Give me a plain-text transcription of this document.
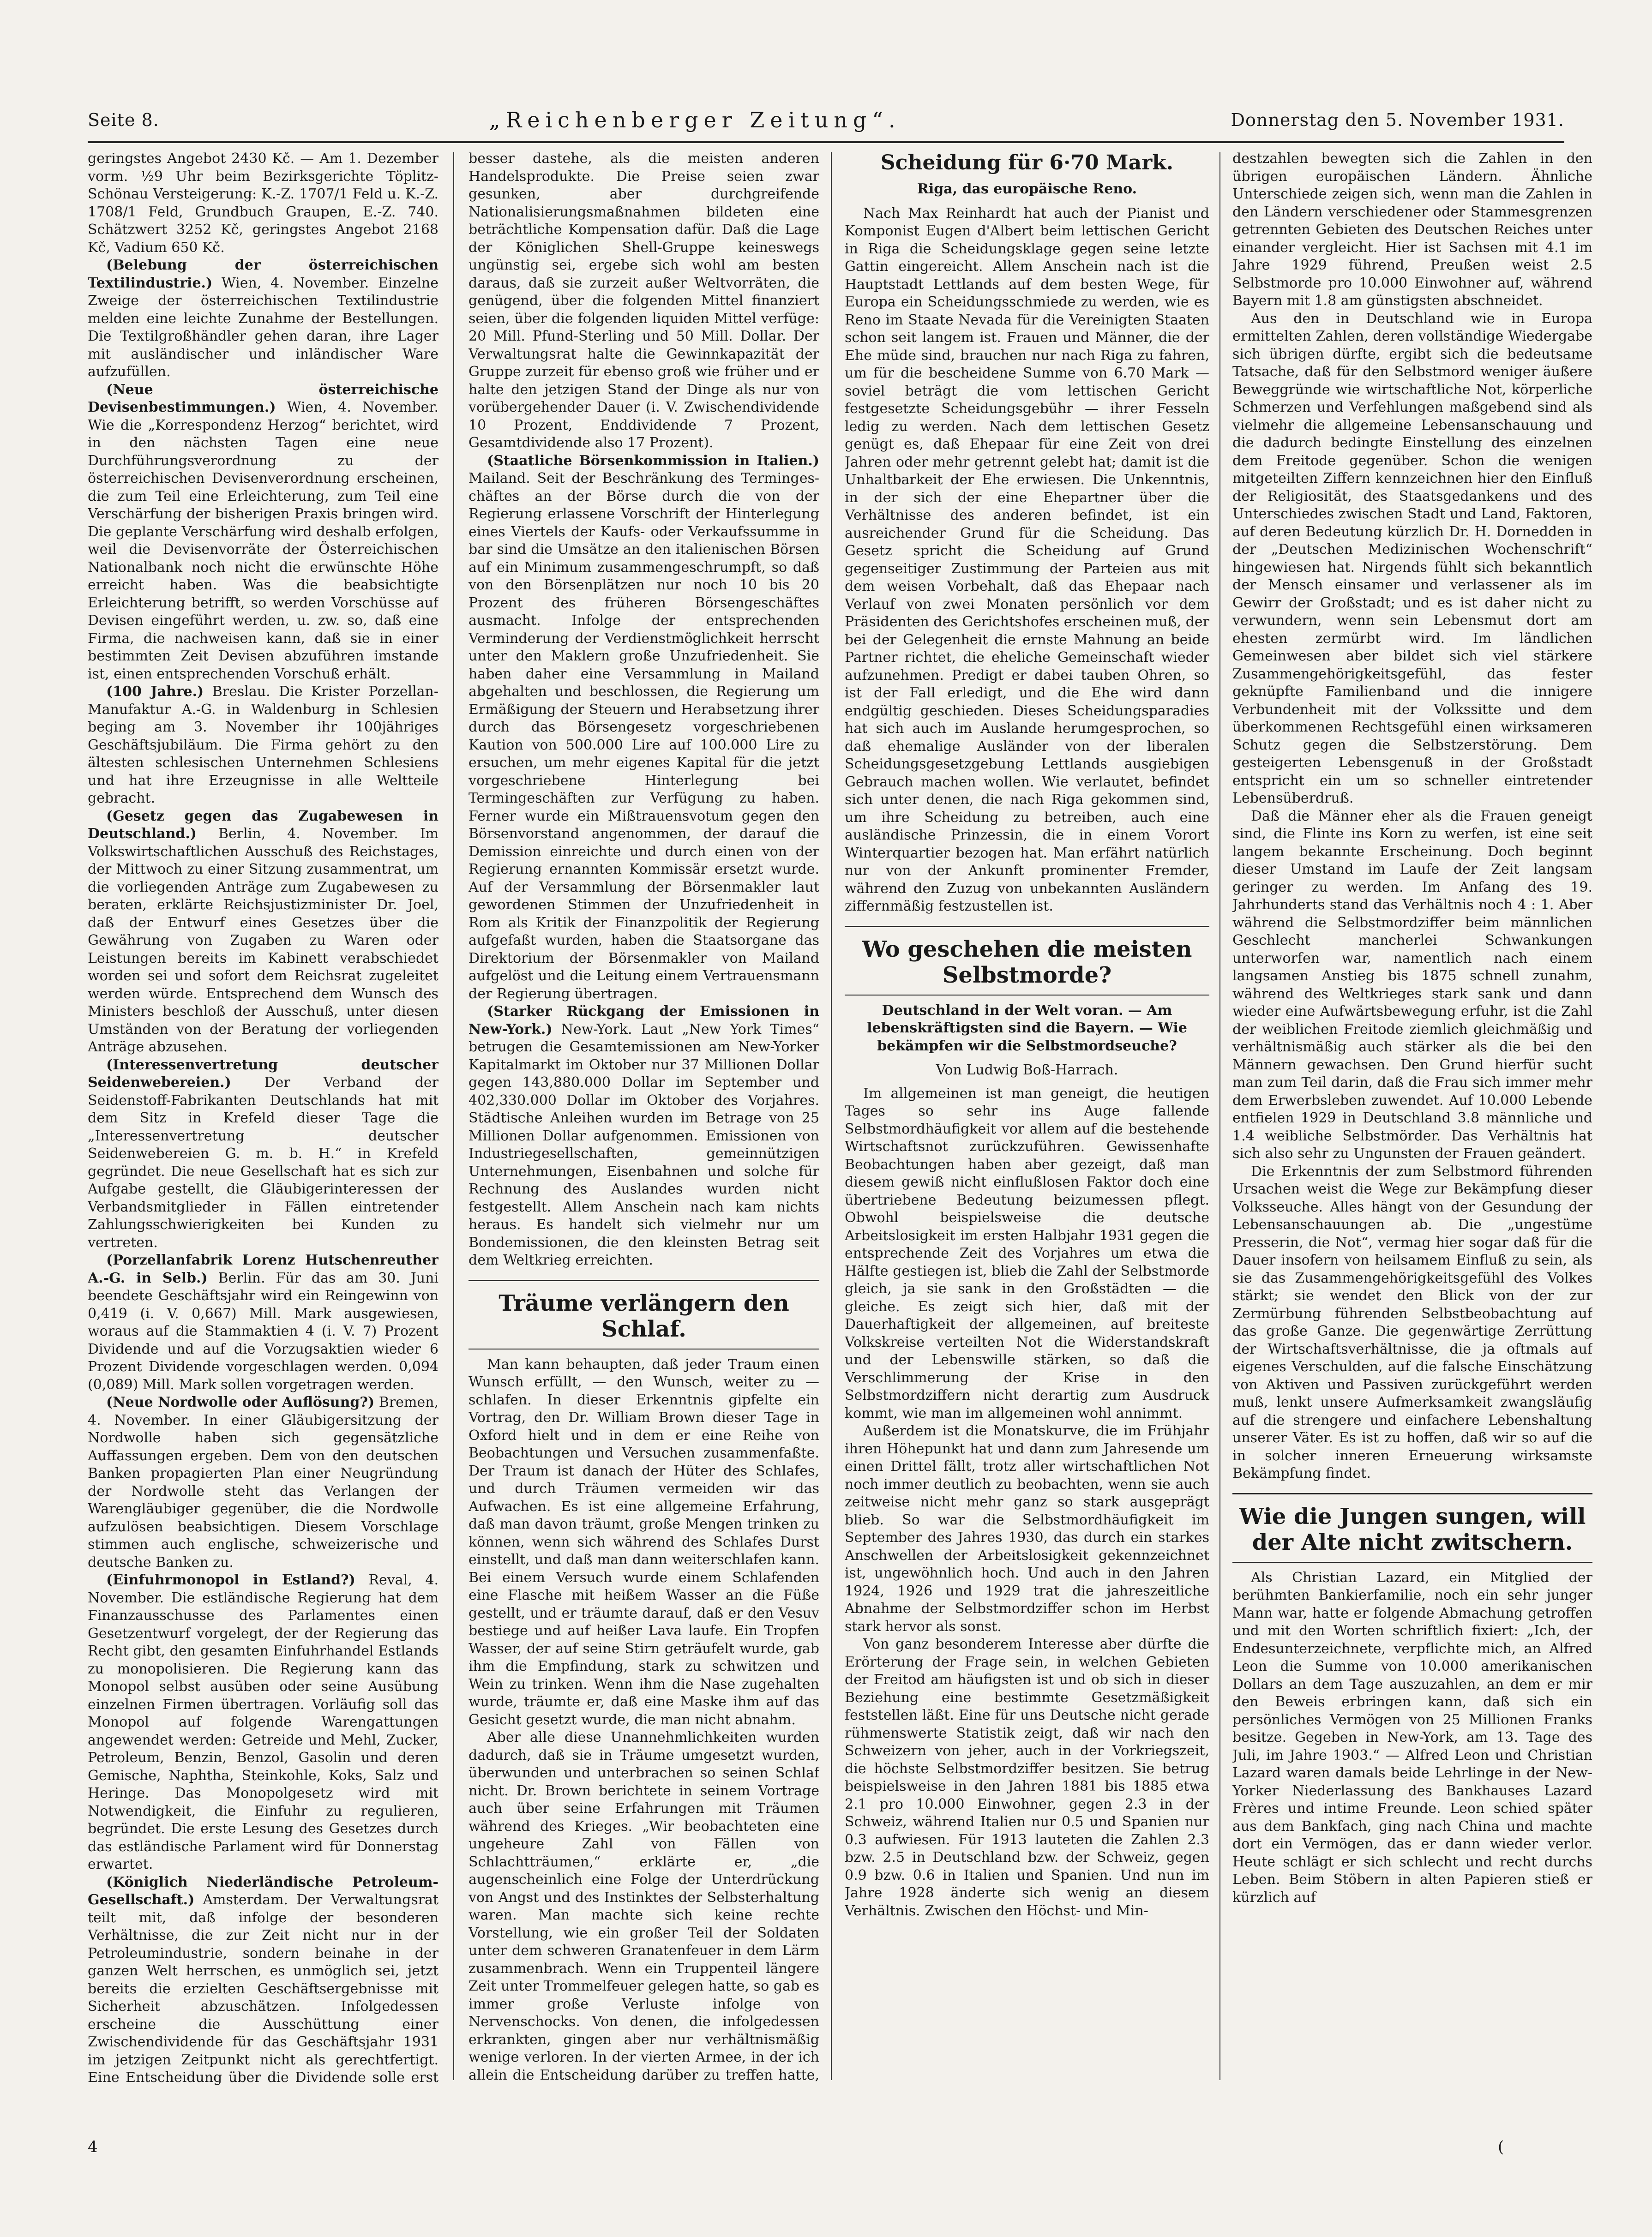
Seite 8.	„Reichenberger Zeitung“.	Donnerstag den 5. November 1931.

geringstes Angebot 2430 Kč. — Am 1. Dezember vorm. ½9 Uhr beim Bezirksgerichte Töplitz-Schönau Versteigerung: K.-Z. 1707/1 Feld u. K.-Z. 1708/1 Feld, Grundbuch Graupen, E.-Z. 740. Schätzwert 3252 Kč, geringstes Angebot 2168 Kč, Vadium 650 Kč.

(Belebung der österreichischen Textilindustrie.) Wien, 4. November. Einzelne Zweige der österreichischen Textilindustrie melden eine leichte Zunahme der Bestellungen. Die Textilgroßhändler gehen daran, ihre Lager mit ausländischer und inländischer Ware aufzufüllen.

(Neue österreichische Devisenbestimmungen.) Wien, 4. November. Wie die „Korrespondenz Herzog“ berichtet, wird in den nächsten Tagen eine neue Durchführungsverordnung zu der österreichischen Devisenverordnung erscheinen, die zum Teil eine Erleichterung, zum Teil eine Verschärfung der bisherigen Praxis bringen wird. Die geplante Verschärfung wird deshalb erfolgen, weil die Devisenvorräte der Österreichischen Nationalbank noch nicht die erwünschte Höhe erreicht haben. Was die beabsichtigte Erleichterung betrifft, so werden Vorschüsse auf Devisen eingeführt werden, u. zw. so, daß eine Firma, die nachweisen kann, daß sie in einer bestimmten Zeit Devisen abzuführen imstande ist, einen entsprechenden Vorschuß erhält.

(100 Jahre.) Breslau. Die Krister Porzellan-Manufaktur A.-G. in Waldenburg in Schlesien beging am 3. November ihr 100jähriges Geschäftsjubiläum. Die Firma gehört zu den ältesten schlesischen Unternehmen Schlesiens und hat ihre Erzeugnisse in alle Weltteile gebracht.

(Gesetz gegen das Zugabewesen in Deutschland.) Berlin, 4. November. Im Volkswirtschaftlichen Ausschuß des Reichstages, der Mittwoch zu einer Sitzung zusammentrat, um die vorliegenden Anträge zum Zugabewesen zu beraten, erklärte Reichsjustizminister Dr. Joel, daß der Entwurf eines Gesetzes über die Gewährung von Zugaben zu Waren oder Leistungen bereits im Kabinett verabschiedet worden sei und sofort dem Reichsrat zugeleitet werden würde. Entsprechend dem Wunsch des Ministers beschloß der Ausschuß, unter diesen Umständen von der Beratung der vorliegenden Anträge abzusehen.

(Interessenvertretung deutscher Seidenwebereien.) Der Verband der Seidenstoff-Fabrikanten Deutschlands hat mit dem Sitz in Krefeld dieser Tage die „Interessenvertretung deutscher Seidenwebereien G. m. b. H.“ in Krefeld gegründet. Die neue Gesellschaft hat es sich zur Aufgabe gestellt, die Gläubigerinteressen der Verbandsmitglieder in Fällen eintretender Zahlungsschwierigkeiten bei Kunden zu vertreten.

(Porzellanfabrik Lorenz Hutschenreuther A.-G. in Selb.) Berlin. Für das am 30. Juni beendete Geschäftsjahr wird ein Reingewinn von 0,419 (i. V. 0,667) Mill. Mark ausgewiesen, woraus auf die Stammaktien 4 (i. V. 7) Prozent Dividende und auf die Vorzugsaktien wieder 6 Prozent Dividende vorgeschlagen werden. 0,094 (0,089) Mill. Mark sollen vorgetragen werden.

(Neue Nordwolle oder Auflösung?) Bremen, 4. November. In einer Gläubigersitzung der Nordwolle haben sich gegensätzliche Auffassungen ergeben. Dem von den deutschen Banken propagierten Plan einer Neugründung der Nordwolle steht das Verlangen der Warengläubiger gegenüber, die die Nordwolle aufzulösen beabsichtigen. Diesem Vorschlage stimmen auch englische, schweizerische und deutsche Banken zu.

(Einfuhrmonopol in Estland?) Reval, 4. November. Die estländische Regierung hat dem Finanzausschusse des Parlamentes einen Gesetzentwurf vorgelegt, der der Regierung das Recht gibt, den gesamten Einfuhrhandel Estlands zu monopolisieren. Die Regierung kann das Monopol selbst ausüben oder seine Ausübung einzelnen Firmen übertragen. Vorläufig soll das Monopol auf folgende Warengattungen angewendet werden: Getreide und Mehl, Zucker, Petroleum, Benzin, Benzol, Gasolin und deren Gemische, Naphtha, Steinkohle, Koks, Salz und Heringe. Das Monopolgesetz wird mit Notwendigkeit, die Einfuhr zu regulieren, begründet. Die erste Lesung des Gesetzes durch das estländische Parlament wird für Donnerstag erwartet.

(Königlich Niederländische Petroleum-Gesellschaft.) Amsterdam. Der Verwaltungsrat teilt mit, daß infolge der besonderen Verhältnisse, die zur Zeit nicht nur in der Petroleumindustrie, sondern beinahe in der ganzen Welt herrschen, es unmöglich sei, jetzt bereits die erzielten Geschäftsergebnisse mit Sicherheit abzuschätzen. Infolgedessen erscheine die Ausschüttung einer Zwischendividende für das Geschäftsjahr 1931 im jetzigen Zeitpunkt nicht als gerechtfertigt. Eine Entscheidung über die Dividende solle erst

besser dastehe, als die meisten anderen Handelsprodukte. Die Preise seien zwar gesunken, aber durchgreifende Nationalisierungsmaßnahmen bildeten eine beträchtliche Kompensation dafür. Daß die Lage der Königlichen Shell-Gruppe keineswegs ungünstig sei, ergebe sich wohl am besten daraus, daß sie zurzeit außer Weltvorräten, die genügend, über die folgenden Mittel finanziert seien, über die folgenden liquiden Mittel verfüge: 20 Mill. Pfund-Sterling und 50 Mill. Dollar. Der Verwaltungsrat halte die Gewinnkapazität der Gruppe zurzeit für ebenso groß wie früher und er halte den jetzigen Stand der Dinge als nur von vorübergehender Dauer (i. V. Zwischendividende 10 Prozent, Enddividende 7 Prozent, Gesamtdividende also 17 Prozent).

(Staatliche Börsenkommission in Italien.) Mailand. Seit der Beschränkung des Termingeschäftes an der Börse durch die von der Regierung erlassene Vorschrift der Hinterlegung eines Viertels der Kaufs- oder Verkaufssumme in bar sind die Umsätze an den italienischen Börsen auf ein Minimum zusammengeschrumpft, so daß von den Börsenplätzen nur noch 10 bis 20 Prozent des früheren Börsengeschäftes ausmacht. Infolge der entsprechenden Verminderung der Verdienstmöglichkeit herrscht unter den Maklern große Unzufriedenheit. Sie haben daher eine Versammlung in Mailand abgehalten und beschlossen, die Regierung um Ermäßigung der Steuern und Herabsetzung ihrer durch das Börsengesetz vorgeschriebenen Kaution von 500.000 Lire auf 100.000 Lire zu ersuchen, um mehr eigenes Kapital für die jetzt vorgeschriebene Hinterlegung bei Termingeschäften zur Verfügung zu haben. Ferner wurde ein Mißtrauensvotum gegen den Börsenvorstand angenommen, der darauf die Demission einreichte und durch einen von der Regierung ernannten Kommissär ersetzt wurde. Auf der Versammlung der Börsenmakler laut gewordenen Stimmen der Unzufriedenheit in Rom als Kritik der Finanzpolitik der Regierung aufgefaßt wurden, haben die Staatsorgane das Direktorium der Börsenmakler von Mailand aufgelöst und die Leitung einem Vertrauensmann der Regierung übertragen.

(Starker Rückgang der Emissionen in New-York.) New-York. Laut „New York Times“ betrugen die Gesamtemissionen am New-Yorker Kapitalmarkt im Oktober nur 37 Millionen Dollar gegen 143,880.000 Dollar im September und 402,330.000 Dollar im Oktober des Vorjahres. Städtische Anleihen wurden im Betrage von 25 Millionen Dollar aufgenommen. Emissionen von Industriegesellschaften, gemeinnützigen Unternehmungen, Eisenbahnen und solche für Rechnung des Auslandes wurden nicht festgestellt. Allem Anschein nach kam nichts heraus. Es handelt sich vielmehr nur um Bondemissionen, die den kleinsten Betrag seit dem Weltkrieg erreichten.

Träume verlängern den Schlaf.

Man kann behaupten, daß jeder Traum einen Wunsch erfüllt, — den Wunsch, weiter zu — schlafen. In dieser Erkenntnis gipfelte ein Vortrag, den Dr. William Brown dieser Tage in Oxford hielt und in dem er eine Reihe von Beobachtungen und Versuchen zusammenfaßte. Der Traum ist danach der Hüter des Schlafes, und durch Träumen vermeiden wir das Aufwachen. Es ist eine allgemeine Erfahrung, daß man davon träumt, große Mengen trinken zu können, wenn sich während des Schlafes Durst einstellt, und daß man dann weiterschlafen kann. Bei einem Versuch wurde einem Schlafenden eine Flasche mit heißem Wasser an die Füße gestellt, und er träumte darauf, daß er den Vesuv bestiege und auf heißer Lava laufe. Ein Tropfen Wasser, der auf seine Stirn geträufelt wurde, gab ihm die Empfindung, stark zu schwitzen und Wein zu trinken. Wenn ihm die Nase zugehalten wurde, träumte er, daß eine Maske ihm auf das Gesicht gesetzt wurde, die man nicht abnahm.

Aber alle diese Unannehmlichkeiten wurden dadurch, daß sie in Träume umgesetzt wurden, überwunden und unterbrachen so seinen Schlaf nicht. Dr. Brown berichtete in seinem Vortrage auch über seine Erfahrungen mit Träumen während des Krieges. „Wir beobachteten eine ungeheure Zahl von Fällen von Schlachtträumen,“ erklärte er, „die augenscheinlich eine Folge der Unterdrückung von Angst und des Instinktes der Selbsterhaltung waren. Man machte sich keine rechte Vorstellung, wie ein großer Teil der Soldaten unter dem schweren Granatenfeuer in dem Lärm zusammenbrach. Wenn ein Truppenteil längere Zeit unter Trommelfeuer gelegen hatte, so gab es immer große Verluste infolge von Nervenschocks. Von denen, die infolgedessen erkrankten, gingen aber nur verhältnismäßig wenige verloren. In der vierten Armee, in der ich allein die Entscheidung darüber zu treffen hatte,

Scheidung für 6·70 Mark.
Riga, das europäische Reno.

Nach Max Reinhardt hat auch der Pianist und Komponist Eugen d'Albert beim lettischen Gericht in Riga die Scheidungsklage gegen seine letzte Gattin eingereicht. Allem Anschein nach ist die Hauptstadt Lettlands auf dem besten Wege, für Europa ein Scheidungsschmiede zu werden, wie es Reno im Staate Nevada für die Vereinigten Staaten schon seit langem ist. Frauen und Männer, die der Ehe müde sind, brauchen nur nach Riga zu fahren, um für die bescheidene Summe von 6.70 Mark — soviel beträgt die vom lettischen Gericht festgesetzte Scheidungsgebühr — ihrer Fesseln ledig zu werden. Nach dem lettischen Gesetz genügt es, daß Ehepaar für eine Zeit von drei Jahren oder mehr getrennt gelebt hat; damit ist die Unhaltbarkeit der Ehe erwiesen. Die Unkenntnis, in der sich der eine Ehepartner über die Verhältnisse des anderen befindet, ist ein ausreichender Grund für die Scheidung. Das Gesetz spricht die Scheidung auf Grund gegenseitiger Zustimmung der Parteien aus mit dem weisen Vorbehalt, daß das Ehepaar nach Verlauf von zwei Monaten persönlich vor dem Präsidenten des Gerichtshofes erscheinen muß, der bei der Gelegenheit die ernste Mahnung an beide Partner richtet, die eheliche Gemeinschaft wieder aufzunehmen. Predigt er dabei tauben Ohren, so ist der Fall erledigt, und die Ehe wird dann endgültig geschieden. Dieses Scheidungsparadies hat sich auch im Auslande herumgesprochen, so daß ehemalige Ausländer von der liberalen Scheidungsgesetzgebung Lettlands ausgiebigen Gebrauch machen wollen. Wie verlautet, befindet sich unter denen, die nach Riga gekommen sind, um ihre Scheidung zu betreiben, auch eine ausländische Prinzessin, die in einem Vorort Winterquartier bezogen hat. Man erfährt natürlich nur von der Ankunft prominenter Fremder, während den Zuzug von unbekannten Ausländern ziffernmäßig festzustellen ist.

Wo geschehen die meisten Selbstmorde?
Deutschland in der Welt voran. — Am lebenskräftigsten sind die Bayern. — Wie bekämpfen wir die Selbstmordseuche?
Von Ludwig Boß-Harrach.

Im allgemeinen ist man geneigt, die heutigen Tages so sehr ins Auge fallende Selbstmordhäufigkeit vor allem auf die bestehende Wirtschaftsnot zurückzuführen. Gewissenhafte Beobachtungen haben aber gezeigt, daß man diesem gewiß nicht einflußlosen Faktor doch eine übertriebene Bedeutung beizumessen pflegt. Obwohl beispielsweise die deutsche Arbeitslosigkeit im ersten Halbjahr 1931 gegen die entsprechende Zeit des Vorjahres um etwa die Hälfte gestiegen ist, blieb die Zahl der Selbstmorde gleich, ja sie sank in den Großstädten — die gleiche. Es zeigt sich hier, daß mit der Dauerhaftigkeit der allgemeinen, auf breiteste Volkskreise verteilten Not die Widerstandskraft und der Lebenswille stärken, so daß die Verschlimmerung der Krise in den Selbstmordziffern nicht derartig zum Ausdruck kommt, wie man im allgemeinen wohl annimmt.

Außerdem ist die Monatskurve, die im Frühjahr ihren Höhepunkt hat und dann zum Jahresende um einen Drittel fällt, trotz aller wirtschaftlichen Not noch immer deutlich zu beobachten, wenn sie auch zeitweise nicht mehr ganz so stark ausgeprägt blieb. So war die Selbstmordhäufigkeit im September des Jahres 1930, das durch ein starkes Anschwellen der Arbeitslosigkeit gekennzeichnet ist, ungewöhnlich hoch. Und auch in den Jahren 1924, 1926 und 1929 trat die jahreszeitliche Abnahme der Selbstmordziffer schon im Herbst stark hervor als sonst.

Von ganz besonderem Interesse aber dürfte die Erörterung der Frage sein, in welchen Gebieten der Freitod am häufigsten ist und ob sich in dieser Beziehung eine bestimmte Gesetzmäßigkeit feststellen läßt. Eine für uns Deutsche nicht gerade rühmenswerte Statistik zeigt, daß wir nach den Schweizern von jeher, auch in der Vorkriegszeit, die höchste Selbstmordziffer besitzen. Sie betrug beispielsweise in den Jahren 1881 bis 1885 etwa 2.1 pro 10.000 Einwohner, gegen 2.3 in der Schweiz, während Italien nur 0.5 und Spanien nur 0.3 aufwiesen. Für 1913 lauteten die Zahlen 2.3 bzw. 2.5 in Deutschland bzw. der Schweiz, gegen 0.9 bzw. 0.6 in Italien und Spanien. Und nun im Jahre 1928 änderte sich wenig an diesem Verhältnis. Zwischen den Höchst- und Min-

destzahlen bewegten sich die Zahlen in den übrigen europäischen Ländern. Ähnliche Unterschiede zeigen sich, wenn man die Zahlen in den Ländern verschiedener oder Stammesgrenzen getrennten Gebieten des Deutschen Reiches unter einander vergleicht. Hier ist Sachsen mit 4.1 im Jahre 1929 führend, Preußen weist 2.5 Selbstmorde pro 10.000 Einwohner auf, während Bayern mit 1.8 am günstigsten abschneidet.

Aus den in Deutschland wie in Europa ermittelten Zahlen, deren vollständige Wiedergabe sich übrigen dürfte, ergibt sich die bedeutsame Tatsache, daß für den Selbstmord weniger äußere Beweggründe wie wirtschaftliche Not, körperliche Schmerzen und Verfehlungen maßgebend sind als vielmehr die allgemeine Lebensanschauung und die dadurch bedingte Einstellung des einzelnen dem Freitode gegenüber. Schon die wenigen mitgeteilten Ziffern kennzeichnen hier den Einfluß der Religiosität, des Staatsgedankens und des Unterschiedes zwischen Stadt und Land, Faktoren, auf deren Bedeutung kürzlich Dr. H. Dornedden in der „Deutschen Medizinischen Wochenschrift“ hingewiesen hat. Nirgends fühlt sich bekanntlich der Mensch einsamer und verlassener als im Gewirr der Großstadt; und es ist daher nicht zu verwundern, wenn sein Lebensmut dort am ehesten zermürbt wird. Im ländlichen Gemeinwesen aber bildet sich viel stärkere Zusammengehörigkeitsgefühl, das fester geknüpfte Familienband und die innigere Verbundenheit mit der Volkssitte und dem überkommenen Rechtsgefühl einen wirksameren Schutz gegen die Selbstzerstörung. Dem gesteigerten Lebensgenuß in der Großstadt entspricht ein um so schneller eintretender Lebensüberdruß.

Daß die Männer eher als die Frauen geneigt sind, die Flinte ins Korn zu werfen, ist eine seit langem bekannte Erscheinung. Doch beginnt dieser Umstand im Laufe der Zeit langsam geringer zu werden. Im Anfang des 19. Jahrhunderts stand das Verhältnis noch 4 : 1. Aber während die Selbstmordziffer beim männlichen Geschlecht mancherlei Schwankungen unterworfen war, namentlich nach einem langsamen Anstieg bis 1875 schnell zunahm, während des Weltkrieges stark sank und dann wieder eine Aufwärtsbewegung erfuhr, ist die Zahl der weiblichen Freitode ziemlich gleichmäßig und verhältnismäßig auch stärker als die bei den Männern gewachsen. Den Grund hierfür sucht man zum Teil darin, daß die Frau sich immer mehr dem Erwerbsleben zuwendet. Auf 10.000 Lebende entfielen 1929 in Deutschland 3.8 männliche und 1.4 weibliche Selbstmörder. Das Verhältnis hat sich also sehr zu Ungunsten der Frauen geändert.

Die Erkenntnis der zum Selbstmord führenden Ursachen weist die Wege zur Bekämpfung dieser Volksseuche. Alles hängt von der Gesundung der Lebensanschauungen ab. Die „ungestüme Presserin, die Not“, vermag hier sogar daß für die Dauer insofern von heilsamem Einfluß zu sein, als sie das Zusammengehörigkeitsgefühl des Volkes stärkt; sie wendet den Blick von der zur Zermürbung führenden Selbstbeobachtung auf das große Ganze. Die gegenwärtige Zerrüttung der Wirtschaftsverhältnisse, die ja oftmals auf eigenes Verschulden, auf die falsche Einschätzung von Aktiven und Passiven zurückgeführt werden muß, lenkt unsere Aufmerksamkeit zwangsläufig auf die strengere und einfachere Lebenshaltung unserer Väter. Es ist zu hoffen, daß wir so auf die in solcher inneren Erneuerung wirksamste Bekämpfung findet.

Wie die Jungen sungen, will der Alte nicht zwitschern.

Als Christian Lazard, ein Mitglied der berühmten Bankierfamilie, noch ein sehr junger Mann war, hatte er folgende Abmachung getroffen und mit den Worten schriftlich fixiert: „Ich, der Endesunterzeichnete, verpflichte mich, an Alfred Leon die Summe von 10.000 amerikanischen Dollars an dem Tage auszuzahlen, an dem er mir den Beweis erbringen kann, daß sich ein persönliches Vermögen von 25 Millionen Franks besitze. Gegeben in New-York, am 13. Tage des Juli, im Jahre 1903.“ — Alfred Leon und Christian Lazard waren damals beide Lehrlinge in der New-Yorker Niederlassung des Bankhauses Lazard Frères und intime Freunde. Leon schied später aus dem Bankfach, ging nach China und machte dort ein Vermögen, das er dann wieder verlor. Heute schlägt er sich schlecht und recht durchs Leben. Beim Stöbern in alten Papieren stieß er kürzlich auf

4	(
